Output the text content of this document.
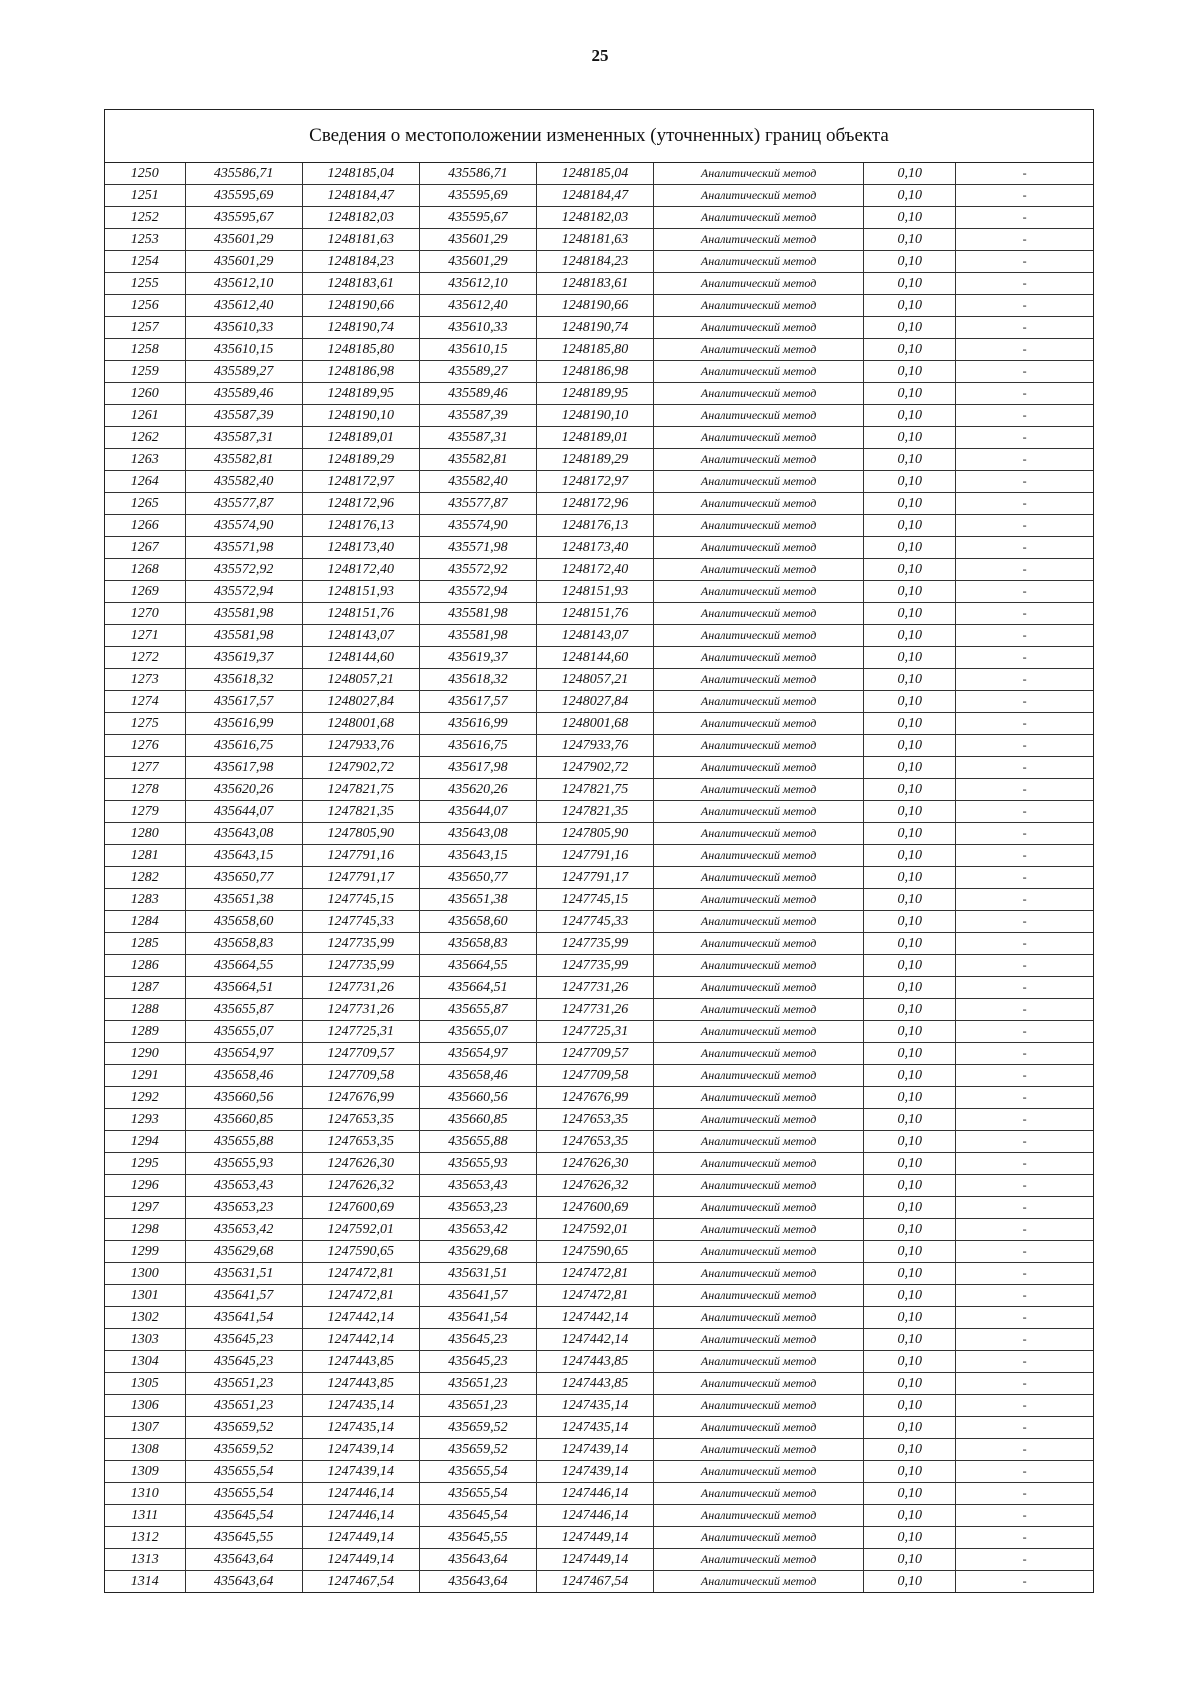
25
Сведения о местоположении измененных (уточненных) границ объекта
1250	435586,71	1248185,04	435586,71	1248185,04	Аналитический метод	0,10	-
1251	435595,69	1248184,47	435595,69	1248184,47	Аналитический метод	0,10	-
1252	435595,67	1248182,03	435595,67	1248182,03	Аналитический метод	0,10	-
1253	435601,29	1248181,63	435601,29	1248181,63	Аналитический метод	0,10	-
1254	435601,29	1248184,23	435601,29	1248184,23	Аналитический метод	0,10	-
1255	435612,10	1248183,61	435612,10	1248183,61	Аналитический метод	0,10	-
1256	435612,40	1248190,66	435612,40	1248190,66	Аналитический метод	0,10	-
1257	435610,33	1248190,74	435610,33	1248190,74	Аналитический метод	0,10	-
1258	435610,15	1248185,80	435610,15	1248185,80	Аналитический метод	0,10	-
1259	435589,27	1248186,98	435589,27	1248186,98	Аналитический метод	0,10	-
1260	435589,46	1248189,95	435589,46	1248189,95	Аналитический метод	0,10	-
1261	435587,39	1248190,10	435587,39	1248190,10	Аналитический метод	0,10	-
1262	435587,31	1248189,01	435587,31	1248189,01	Аналитический метод	0,10	-
1263	435582,81	1248189,29	435582,81	1248189,29	Аналитический метод	0,10	-
1264	435582,40	1248172,97	435582,40	1248172,97	Аналитический метод	0,10	-
1265	435577,87	1248172,96	435577,87	1248172,96	Аналитический метод	0,10	-
1266	435574,90	1248176,13	435574,90	1248176,13	Аналитический метод	0,10	-
1267	435571,98	1248173,40	435571,98	1248173,40	Аналитический метод	0,10	-
1268	435572,92	1248172,40	435572,92	1248172,40	Аналитический метод	0,10	-
1269	435572,94	1248151,93	435572,94	1248151,93	Аналитический метод	0,10	-
1270	435581,98	1248151,76	435581,98	1248151,76	Аналитический метод	0,10	-
1271	435581,98	1248143,07	435581,98	1248143,07	Аналитический метод	0,10	-
1272	435619,37	1248144,60	435619,37	1248144,60	Аналитический метод	0,10	-
1273	435618,32	1248057,21	435618,32	1248057,21	Аналитический метод	0,10	-
1274	435617,57	1248027,84	435617,57	1248027,84	Аналитический метод	0,10	-
1275	435616,99	1248001,68	435616,99	1248001,68	Аналитический метод	0,10	-
1276	435616,75	1247933,76	435616,75	1247933,76	Аналитический метод	0,10	-
1277	435617,98	1247902,72	435617,98	1247902,72	Аналитический метод	0,10	-
1278	435620,26	1247821,75	435620,26	1247821,75	Аналитический метод	0,10	-
1279	435644,07	1247821,35	435644,07	1247821,35	Аналитический метод	0,10	-
1280	435643,08	1247805,90	435643,08	1247805,90	Аналитический метод	0,10	-
1281	435643,15	1247791,16	435643,15	1247791,16	Аналитический метод	0,10	-
1282	435650,77	1247791,17	435650,77	1247791,17	Аналитический метод	0,10	-
1283	435651,38	1247745,15	435651,38	1247745,15	Аналитический метод	0,10	-
1284	435658,60	1247745,33	435658,60	1247745,33	Аналитический метод	0,10	-
1285	435658,83	1247735,99	435658,83	1247735,99	Аналитический метод	0,10	-
1286	435664,55	1247735,99	435664,55	1247735,99	Аналитический метод	0,10	-
1287	435664,51	1247731,26	435664,51	1247731,26	Аналитический метод	0,10	-
1288	435655,87	1247731,26	435655,87	1247731,26	Аналитический метод	0,10	-
1289	435655,07	1247725,31	435655,07	1247725,31	Аналитический метод	0,10	-
1290	435654,97	1247709,57	435654,97	1247709,57	Аналитический метод	0,10	-
1291	435658,46	1247709,58	435658,46	1247709,58	Аналитический метод	0,10	-
1292	435660,56	1247676,99	435660,56	1247676,99	Аналитический метод	0,10	-
1293	435660,85	1247653,35	435660,85	1247653,35	Аналитический метод	0,10	-
1294	435655,88	1247653,35	435655,88	1247653,35	Аналитический метод	0,10	-
1295	435655,93	1247626,30	435655,93	1247626,30	Аналитический метод	0,10	-
1296	435653,43	1247626,32	435653,43	1247626,32	Аналитический метод	0,10	-
1297	435653,23	1247600,69	435653,23	1247600,69	Аналитический метод	0,10	-
1298	435653,42	1247592,01	435653,42	1247592,01	Аналитический метод	0,10	-
1299	435629,68	1247590,65	435629,68	1247590,65	Аналитический метод	0,10	-
1300	435631,51	1247472,81	435631,51	1247472,81	Аналитический метод	0,10	-
1301	435641,57	1247472,81	435641,57	1247472,81	Аналитический метод	0,10	-
1302	435641,54	1247442,14	435641,54	1247442,14	Аналитический метод	0,10	-
1303	435645,23	1247442,14	435645,23	1247442,14	Аналитический метод	0,10	-
1304	435645,23	1247443,85	435645,23	1247443,85	Аналитический метод	0,10	-
1305	435651,23	1247443,85	435651,23	1247443,85	Аналитический метод	0,10	-
1306	435651,23	1247435,14	435651,23	1247435,14	Аналитический метод	0,10	-
1307	435659,52	1247435,14	435659,52	1247435,14	Аналитический метод	0,10	-
1308	435659,52	1247439,14	435659,52	1247439,14	Аналитический метод	0,10	-
1309	435655,54	1247439,14	435655,54	1247439,14	Аналитический метод	0,10	-
1310	435655,54	1247446,14	435655,54	1247446,14	Аналитический метод	0,10	-
1311	435645,54	1247446,14	435645,54	1247446,14	Аналитический метод	0,10	-
1312	435645,55	1247449,14	435645,55	1247449,14	Аналитический метод	0,10	-
1313	435643,64	1247449,14	435643,64	1247449,14	Аналитический метод	0,10	-
1314	435643,64	1247467,54	435643,64	1247467,54	Аналитический метод	0,10	-
